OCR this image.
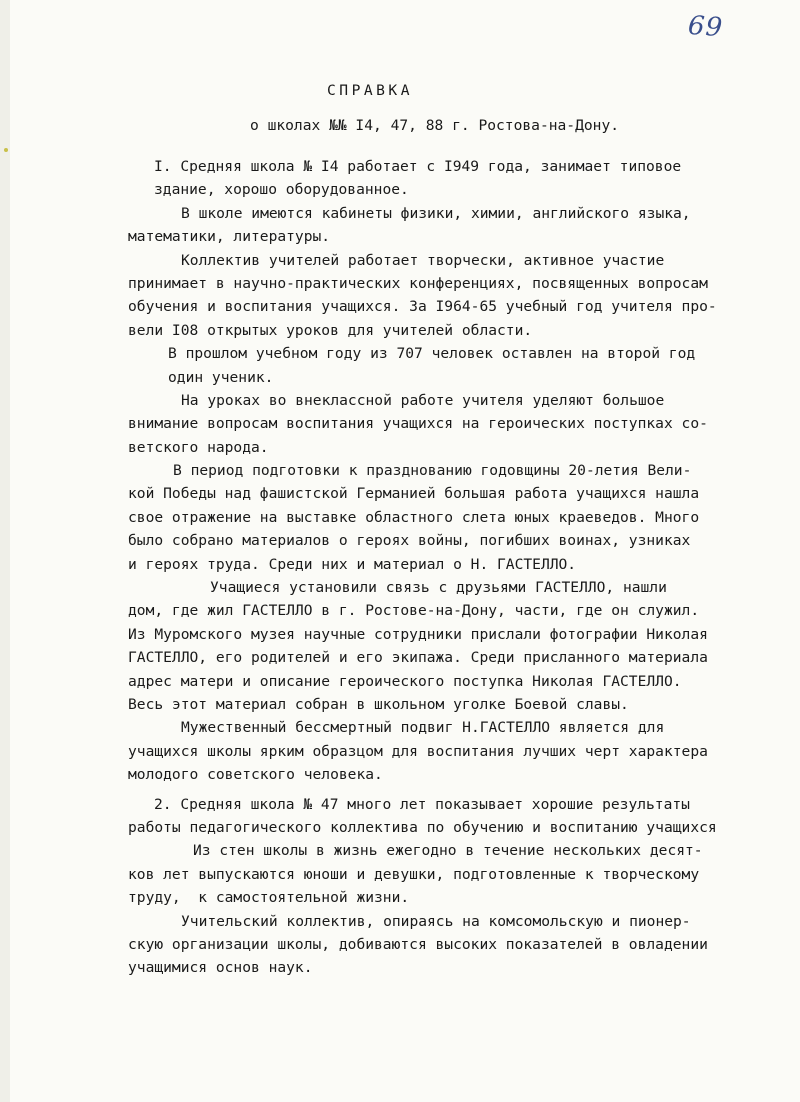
69
СПРАВКА
о школах №№ I4, 47, 88 г. Ростова-на-Дону.
I. Средняя школа № I4 работает с I949 года, занимает типовое
здание, хорошо оборудованное.
В школе имеются кабинеты физики, химии, английского языка,
математики, литературы.
Коллектив учителей работает творчески, активное участие
принимает в научно-практических конференциях, посвященных вопросам
обучения и воспитания учащихся. За I964-65 учебный год учителя про-
вели I08 открытых уроков для учителей области.
В прошлом учебном году из 707 человек оставлен на второй год
один ученик.
На уроках во внеклассной работе учителя уделяют большое
внимание вопросам воспитания учащихся на героических поступках со-
ветского народа.
В период подготовки к празднованию годовщины 20-летия Вели-
кой Победы над фашистской Германией большая работа учащихся нашла
свое отражение на выставке областного слета юных краеведов. Много
было собрано материалов о героях войны, погибших воинах, узниках
и героях труда. Среди них и материал о Н. ГАСТЕЛЛО.
Учащиеся установили связь с друзьями ГАСТЕЛЛО, нашли
дом, где жил ГАСТЕЛЛО в г. Ростове-на-Дону, части, где он служил.
Из Муромского музея научные сотрудники прислали фотографии Николая
ГАСТЕЛЛО, его родителей и его экипажа. Среди присланного материала
адрес матери и описание героического поступка Николая ГАСТЕЛЛО.
Весь этот материал собран в школьном уголке Боевой славы.
Мужественный бессмертный подвиг Н.ГАСТЕЛЛО является для
учащихся школы ярким образцом для воспитания лучших черт характера
молодого советского человека.
2. Средняя школа № 47 много лет показывает хорошие результаты
работы педагогического коллектива по обучению и воспитанию учащихся
Из стен школы в жизнь ежегодно в течение нескольких десят-
ков лет выпускаются юноши и девушки, подготовленные к творческому
труду,  к самостоятельной жизни.
Учительский коллектив, опираясь на комсомольскую и пионер-
скую организации школы, добиваются высоких показателей в овладении
учащимися основ наук.
